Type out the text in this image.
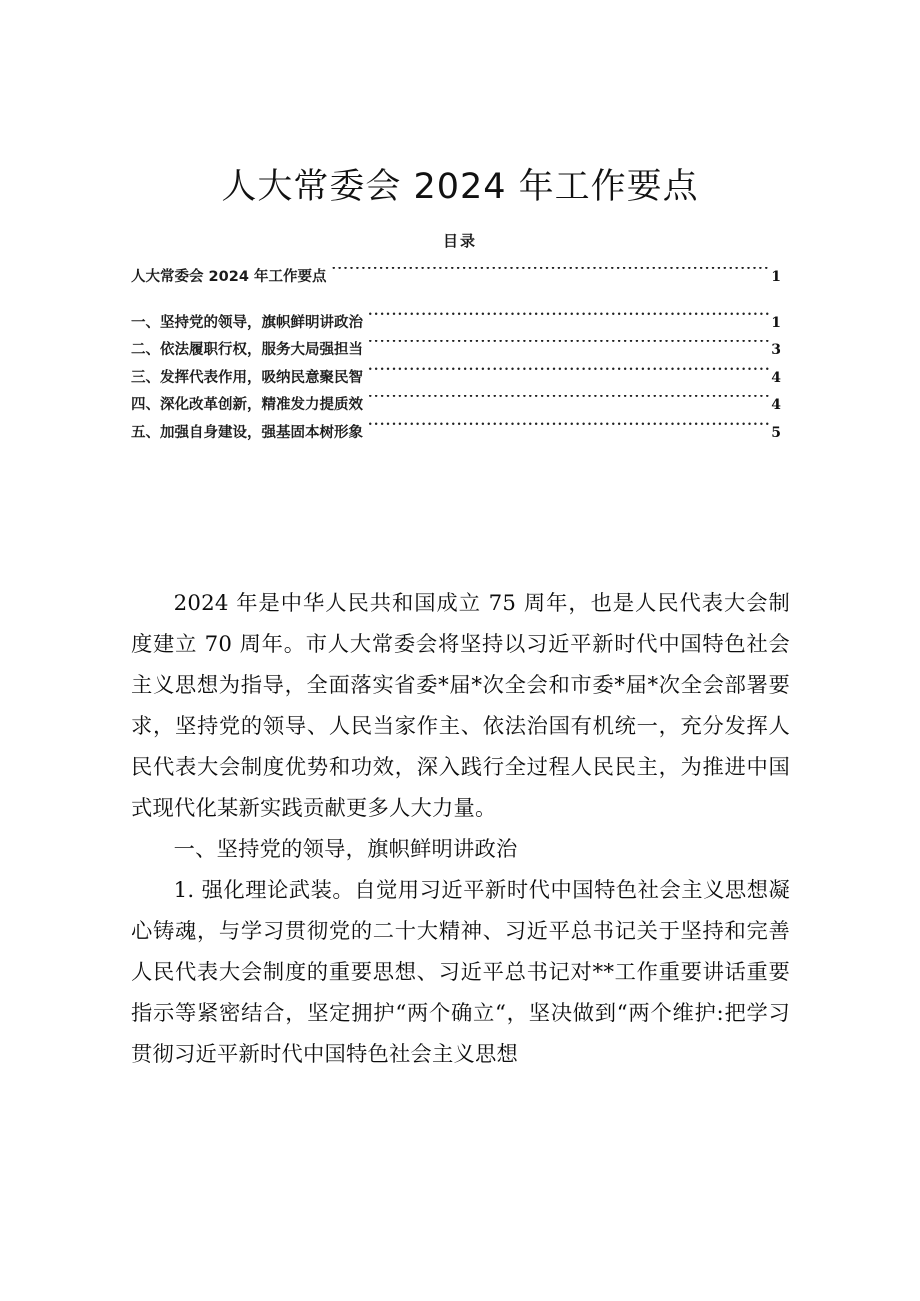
人大常委会 2024 年工作要点
目录
人大常委会 2024 年工作要点 .....	1
一、坚持党的领导，旗帜鲜明讲政治 .....	1
二、依法履职行权，服务大局强担当 .....	3
三、发挥代表作用，吸纳民意聚民智 .....	4
四、深化改革创新，精准发力提质效 .....	4
五、加强自身建设，强基固本树形象 .....	5

2024 年是中华人民共和国成立 75 周年，也是人民代表大会制度建立 70 周年。市人大常委会将坚持以习近平新时代中国特色社会主义思想为指导，全面落实省委*届*次全会和市委*届*次全会部署要求，坚持党的领导、人民当家作主、依法治国有机统一，充分发挥人民代表大会制度优势和功效，深入践行全过程人民民主，为推进中国式现代化某新实践贡献更多人大力量。

一、坚持党的领导，旗帜鲜明讲政治

1. 强化理论武装。自觉用习近平新时代中国特色社会主义思想凝心铸魂，与学习贯彻党的二十大精神、习近平总书记关于坚持和完善人民代表大会制度的重要思想、习近平总书记对**工作重要讲话重要指示等紧密结合，坚定拥护“两个确立“，坚决做到“两个维护:把学习贯彻习近平新时代中国特色社会主义思想
